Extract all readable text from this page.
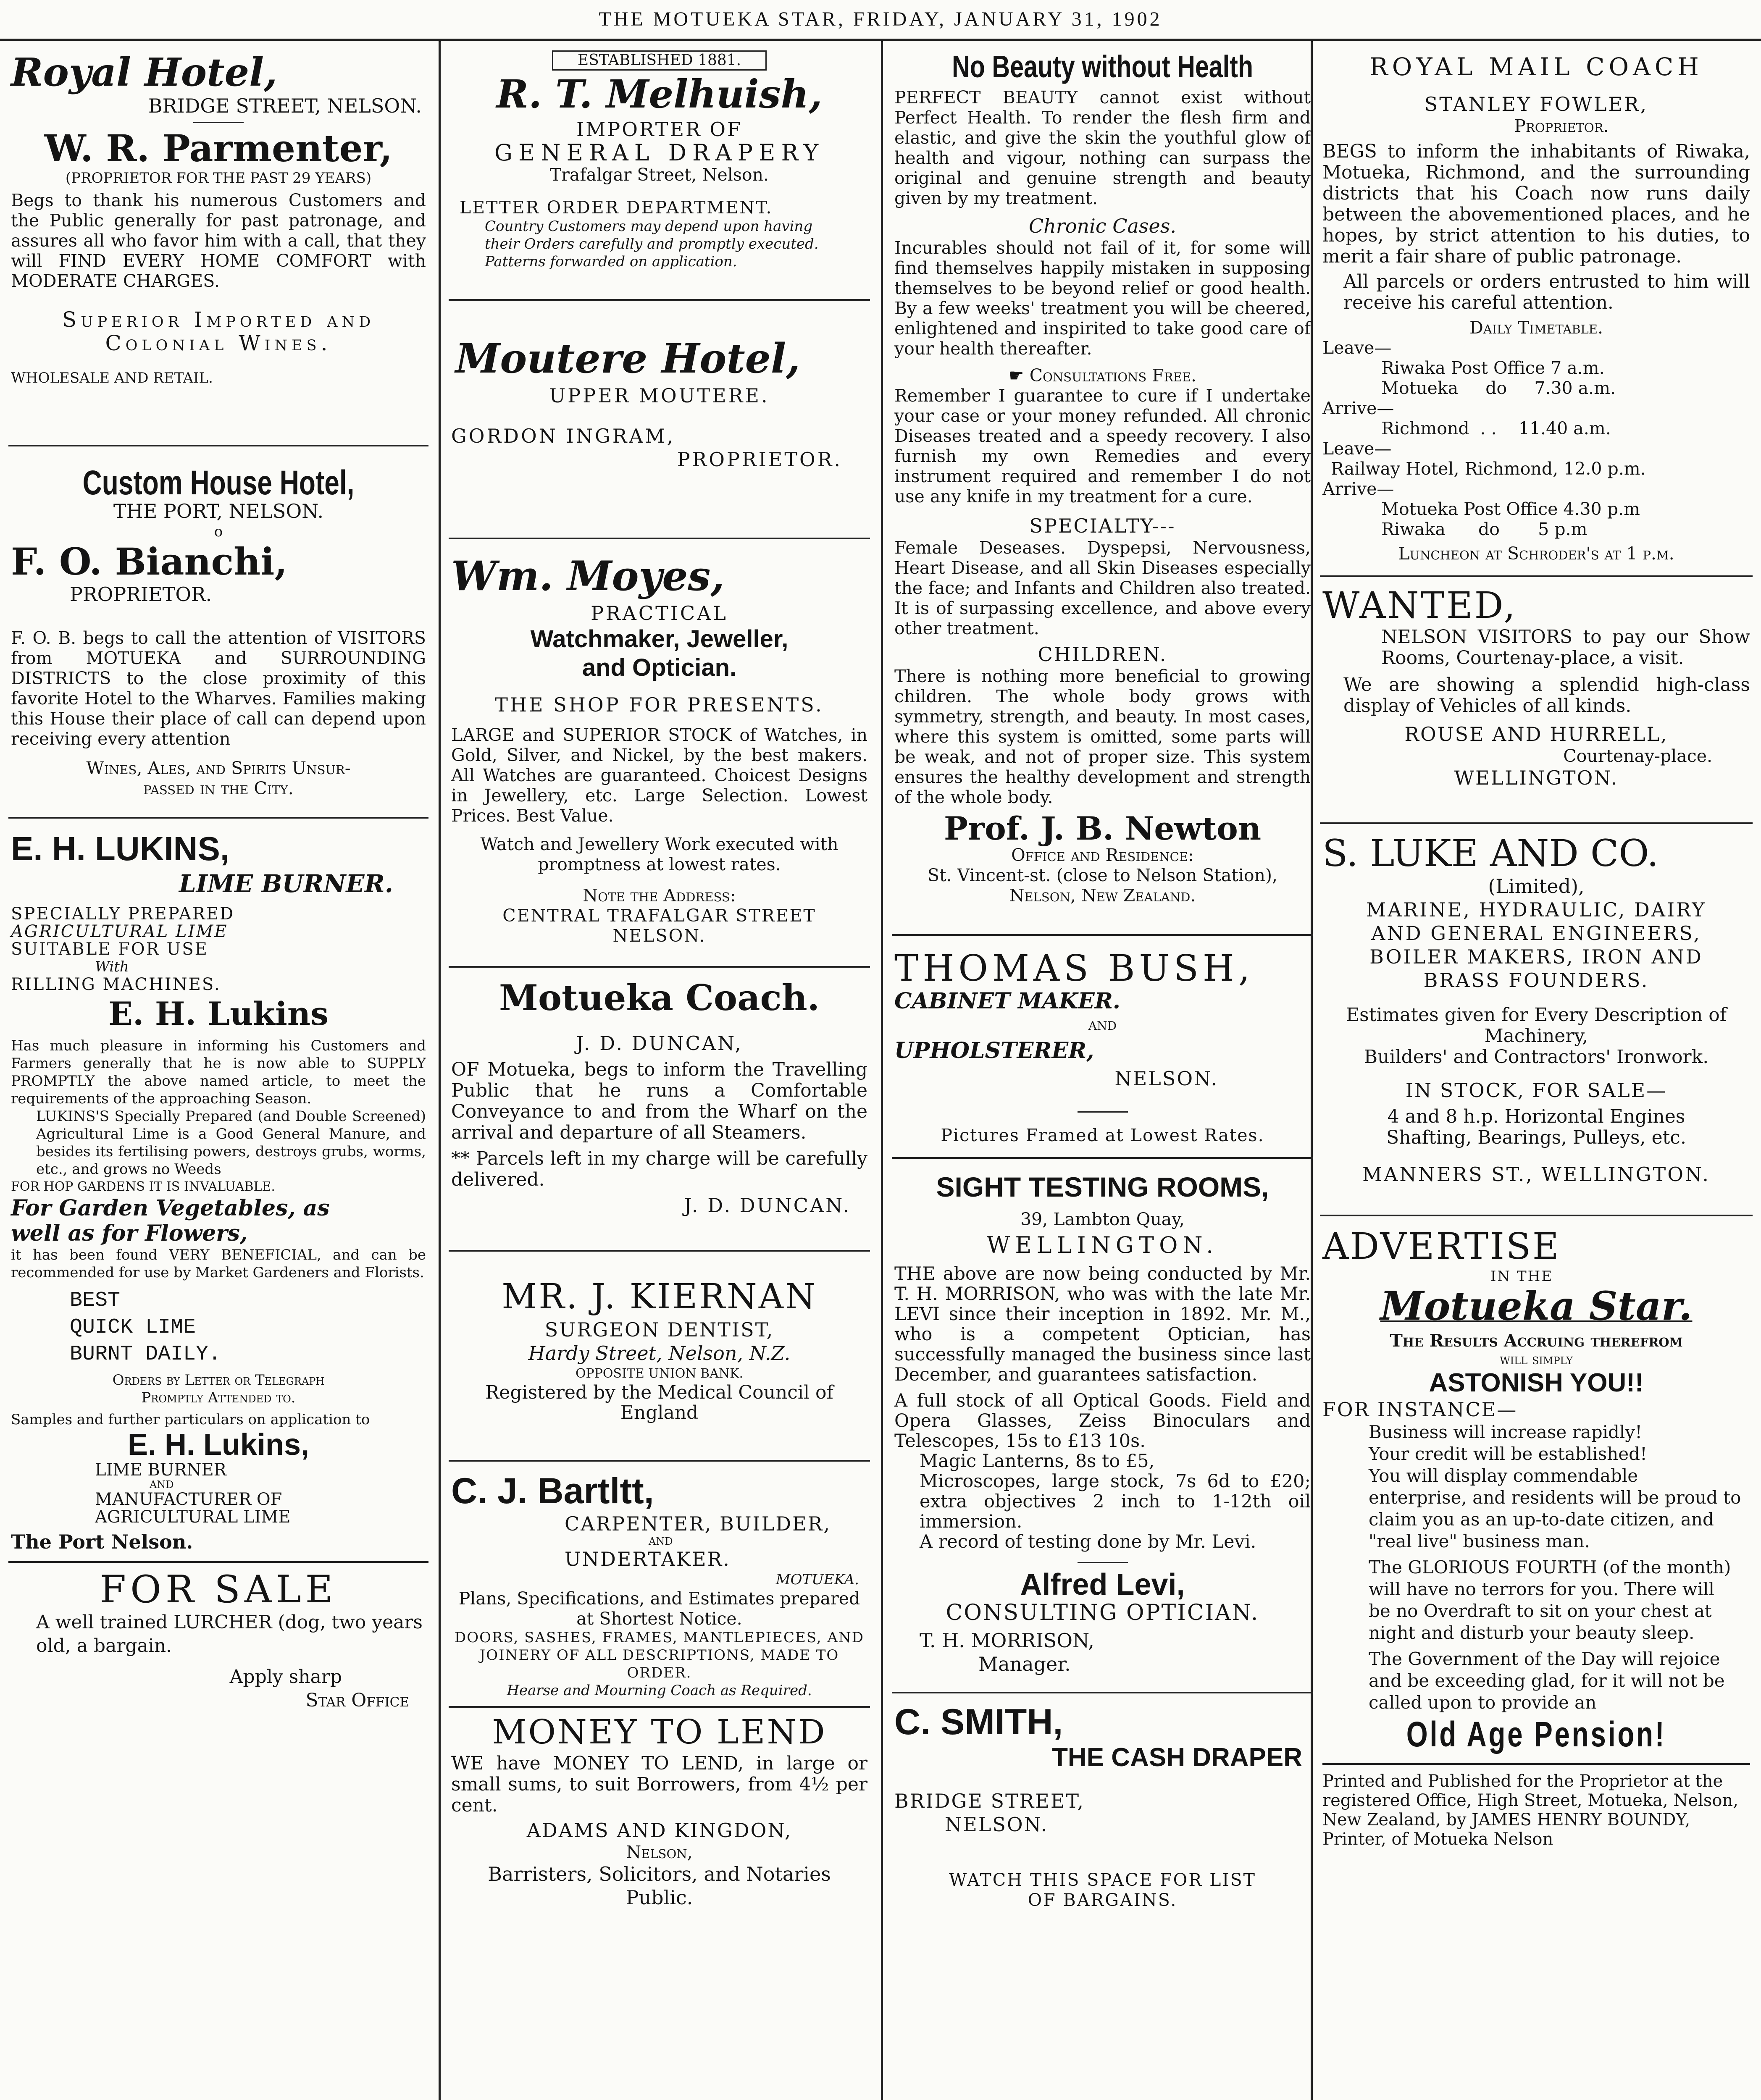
THE MOTUEKA STAR, FRIDAY, JANUARY 31, 1902

Royal Hotel,

BRIDGE STREET, NELSON.

W. R. Parmenter,

(PROPRIETOR FOR THE PAST 29 YEARS)

Begs to thank his numerous Customers and the Public generally for past patronage, and assures all who favor him with a call, that they will FIND EVERY HOME COMFORT with MODERATE CHARGES.

Superior Imported and

Colonial Wines.

WHOLESALE AND RETAIL.

Custom House Hotel,

THE PORT, NELSON.

o

F. O. Bianchi,

PROPRIETOR.

F. O. B. begs to call the attention of VISITORS from MOTUEKA and SURROUNDING DISTRICTS to the close proximity of this favorite Hotel to the Wharves. Families making this House their place of call can depend upon receiving every attention

Wines, Ales, and Spirits Unsur-

passed in the City.

E. H. LUKINS,

LIME BURNER.

SPECIALLY PREPARED

AGRICULTURAL LIME

SUITABLE FOR USE

With

RILLING MACHINES.

E. H. Lukins

Has much pleasure in informing his Customers and Farmers generally that he is now able to SUPPLY PROMPTLY the above named article, to meet the requirements of the approaching Season.

LUKINS'S Specially Prepared (and Double Screened) Agricultural Lime is a Good General Manure, and besides its fertilising powers, destroys grubs, worms, etc., and grows no Weeds

FOR HOP GARDENS IT IS INVALUABLE.

For Garden Vegetables, as

well as for Flowers,

it has been found VERY BENEFICIAL, and can be recommended for use by Market Gardeners and Florists.

BEST

QUICK LIME

BURNT DAILY.

Orders by Letter or Telegraph

Promptly Attended to.

Samples and further particulars on application to

E. H. Lukins,

LIME BURNER

AND

MANUFACTURER OF

AGRICULTURAL LIME

The Port Nelson.

FOR SALE

A well trained LURCHER (dog, two years old, a bargain.

Apply sharp

Star Office

ESTABLISHED 1881.

R. T. Melhuish,

IMPORTER OF

GENERAL DRAPERY

Trafalgar Street, Nelson.

LETTER ORDER DEPARTMENT.

Country Customers may depend upon having their Orders carefully and promptly executed. Patterns forwarded on application.

Moutere Hotel,

UPPER MOUTERE.

GORDON INGRAM,

PROPRIETOR.

Wm. Moyes,

PRACTICAL

Watchmaker, Jeweller,

and Optician.

THE SHOP FOR PRESENTS.

LARGE and SUPERIOR STOCK of Watches, in Gold, Silver, and Nickel, by the best makers. All Watches are guaranteed. Choicest Designs in Jewellery, etc. Large Selection. Lowest Prices. Best Value.

Watch and Jewellery Work executed with promptness at lowest rates.

Note the Address:

CENTRAL TRAFALGAR STREET

NELSON.

Motueka Coach.

J. D. DUNCAN,

OF Motueka, begs to inform the Travelling Public that he runs a Comfortable Conveyance to and from the Wharf on the arrival and departure of all Steamers.

** Parcels left in my charge will be carefully delivered.

J. D. DUNCAN.

MR. J. KIERNAN

SURGEON DENTIST,

Hardy Street, Nelson, N.Z.

OPPOSITE UNION BANK.

Registered by the Medical Council of England

C. J. Bartltt,

CARPENTER, BUILDER,

AND

UNDERTAKER.

MOTUEKA.

Plans, Specifications, and Estimates prepared at Shortest Notice.

DOORS, SASHES, FRAMES, MANTLEPIECES, AND JOINERY OF ALL DESCRIPTIONS, MADE TO ORDER.

Hearse and Mourning Coach as Required.

MONEY TO LEND

WE have MONEY TO LEND, in large or small sums, to suit Borrowers, from 4½ per cent.

ADAMS AND KINGDON,

Nelson,

Barristers, Solicitors, and Notaries

Public.

No Beauty without Health

PERFECT BEAUTY cannot exist without Perfect Health. To render the flesh firm and elastic, and give the skin the youthful glow of health and vigour, nothing can surpass the original and genuine strength and beauty given by my treatment.

Chronic Cases.

Incurables should not fail of it, for some will find themselves happily mistaken in supposing themselves to be beyond relief or good health. By a few weeks' treatment you will be cheered, enlightened and inspirited to take good care of your health thereafter.

☛ Consultations Free.

Remember I guarantee to cure if I undertake your case or your money refunded. All chronic Diseases treated and a speedy recovery. I also furnish my own Remedies and every instrument required and remember I do not use any knife in my treatment for a cure.

SPECIALTY---

Female Deseases. Dyspepsi, Nervousness, Heart Disease, and all Skin Diseases especially the face; and Infants and Children also treated. It is of surpassing excellence, and above every other treatment.

CHILDREN.

There is nothing more beneficial to growing children. The whole body grows with symmetry, strength, and beauty. In most cases, where this system is omitted, some parts will be weak, and not of proper size. This system ensures the healthy development and strength of the whole body.

Prof. J. B. Newton

Office and Residence:

St. Vincent-st. (close to Nelson Station),

Nelson, New Zealand.

THOMAS BUSH,

CABINET MAKER.

AND

UPHOLSTERER,

NELSON.

Pictures Framed at Lowest Rates.

SIGHT TESTING ROOMS,

39, Lambton Quay,

WELLINGTON.

THE above are now being conducted by Mr. T. H. MORRISON, who was with the late Mr. LEVI since their inception in 1892. Mr. M., who is a competent Optician, has successfully managed the business since last December, and guarantees satisfaction.

A full stock of all Optical Goods. Field and Opera Glasses, Zeiss Binoculars and Telescopes, 15s to £13 10s.

Magic Lanterns, 8s to £5,

Microscopes, large stock, 7s 6d to £20; extra objectives 2 inch to 1-12th oil immersion.

A record of testing done by Mr. Levi.

Alfred Levi,

CONSULTING OPTICIAN.

T. H. MORRISON,

Manager.

C. SMITH,

THE CASH DRAPER

BRIDGE STREET,

NELSON.

WATCH THIS SPACE FOR LIST

OF BARGAINS.

ROYAL MAIL COACH

STANLEY FOWLER,

Proprietor.

BEGS to inform the inhabitants of Riwaka, Motueka, Richmond, and the surrounding districts that his Coach now runs daily between the abovementioned places, and he hopes, by strict attention to his duties, to merit a fair share of public patronage.

All parcels or orders entrusted to him will receive his careful attention.

Daily Timetable.

Leave—

Riwaka Post Office 7 a.m.

Motueka     do     7.30 a.m.

Arrive—

Richmond  . .    11.40 a.m.

Leave—

Railway Hotel, Richmond, 12.0 p.m.

Arrive—

Motueka Post Office 4.30 p.m

Riwaka      do       5 p.m

Luncheon at Schroder's at 1 p.m.

WANTED,

NELSON VISITORS to pay our Show Rooms, Courtenay-place, a visit.

We are showing a splendid high-class display of Vehicles of all kinds.

ROUSE AND HURRELL,

Courtenay-place.

WELLINGTON.

S. LUKE AND CO.

(Limited),

MARINE, HYDRAULIC, DAIRY

AND GENERAL ENGINEERS,

BOILER MAKERS, IRON AND

BRASS FOUNDERS.

Estimates given for Every Description of Machinery,

Builders' and Contractors' Ironwork.

IN STOCK, FOR SALE—

4 and 8 h.p. Horizontal Engines

Shafting, Bearings, Pulleys, etc.

MANNERS ST., WELLINGTON.

ADVERTISE

IN THE

Motueka Star.

The Results Accruing therefrom

will simply

ASTONISH YOU!!

FOR INSTANCE—

Business will increase rapidly!

Your credit will be established!

You will display commendable enterprise, and residents will be proud to claim you as an up-to-date citizen, and "real live" business man.

The GLORIOUS FOURTH (of the month) will have no terrors for you. There will be no Overdraft to sit on your chest at night and disturb your beauty sleep.

The Government of the Day will rejoice and be exceeding glad, for it will not be called upon to provide an

Old Age Pension!

Printed and Published for the Proprietor at the registered Office, High Street, Motueka, Nelson, New Zealand, by JAMES HENRY BOUNDY, Printer, of Motueka Nelson
